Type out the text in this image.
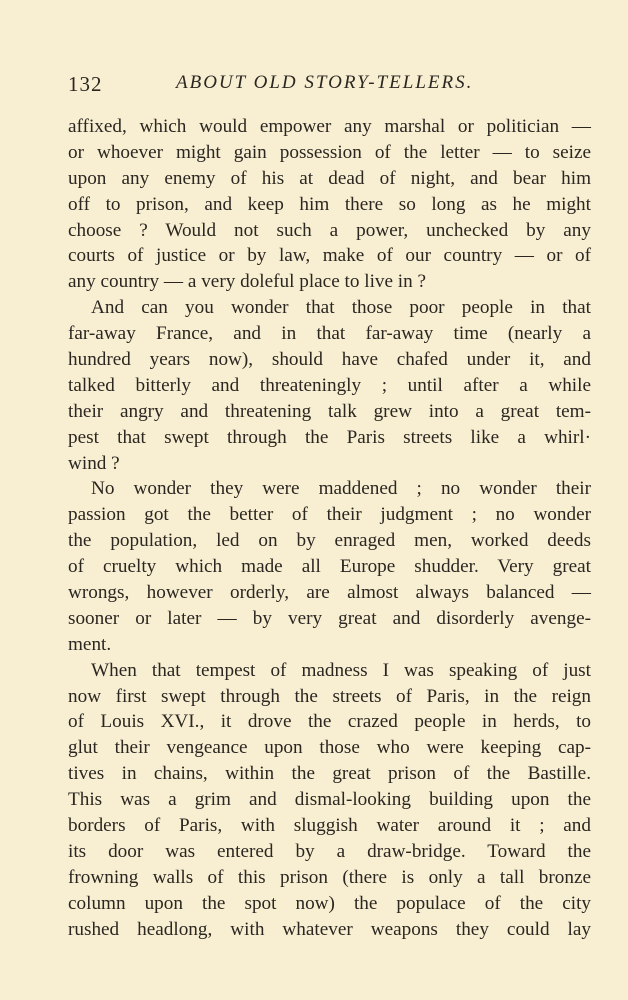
132	ABOUT OLD STORY-TELLERS.
affixed, which would empower any marshal or politician —
or whoever might gain possession of the letter — to seize
upon any enemy of his at dead of night, and bear him
off to prison, and keep him there so long as he might
choose ? Would not such a power, unchecked by any
courts of justice or by law, make of our country — or of
any country — a very doleful place to live in ?
And can you wonder that those poor people in that
far-away France, and in that far-away time (nearly a
hundred years now), should have chafed under it, and
talked bitterly and threateningly ; until after a while
their angry and threatening talk grew into a great tem-
pest that swept through the Paris streets like a whirl·
wind ?
No wonder they were maddened ; no wonder their
passion got the better of their judgment ; no wonder
the population, led on by enraged men, worked deeds
of cruelty which made all Europe shudder. Very great
wrongs, however orderly, are almost always balanced —
sooner or later — by very great and disorderly avenge-
ment.
When that tempest of madness I was speaking of just
now first swept through the streets of Paris, in the reign
of Louis XVI., it drove the crazed people in herds, to
glut their vengeance upon those who were keeping cap-
tives in chains, within the great prison of the Bastille.
This was a grim and dismal-looking building upon the
borders of Paris, with sluggish water around it ; and
its door was entered by a draw-bridge. Toward the
frowning walls of this prison (there is only a tall bronze
column upon the spot now) the populace of the city
rushed headlong, with whatever weapons they could lay
